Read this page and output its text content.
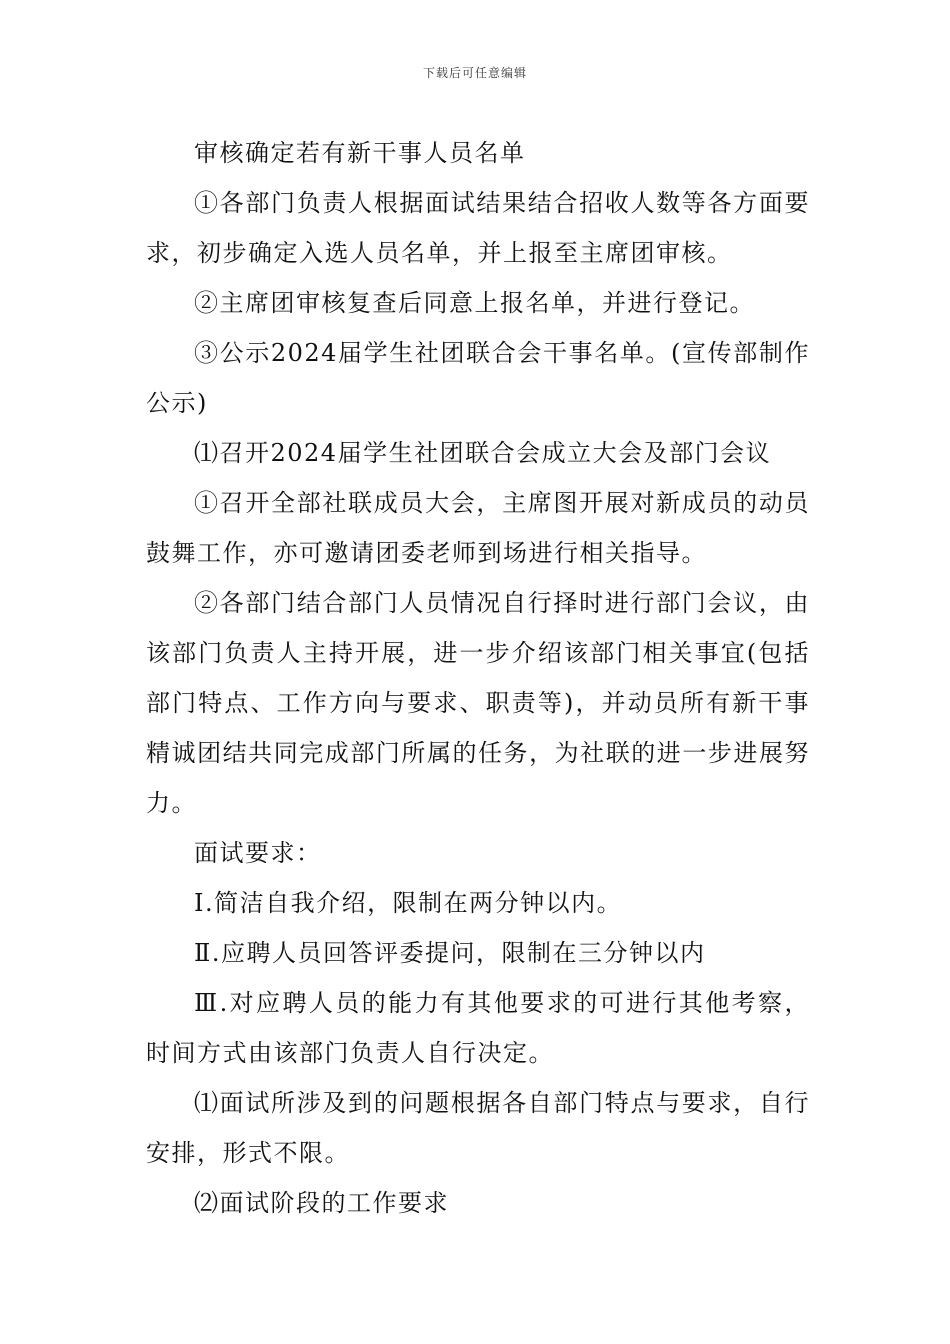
下载后可任意编辑

审核确定若有新干事人员名单

①各部门负责人根据面试结果结合招收人数等各方面要求，初步确定入选人员名单，并上报至主席团审核。

②主席团审核复查后同意上报名单，并进行登记。

③公示2024届学生社团联合会干事名单。(宣传部制作公示)

⑴召开2024届学生社团联合会成立大会及部门会议

①召开全部社联成员大会，主席图开展对新成员的动员鼓舞工作，亦可邀请团委老师到场进行相关指导。

②各部门结合部门人员情况自行择时进行部门会议，由该部门负责人主持开展，进一步介绍该部门相关事宜(包括部门特点、工作方向与要求、职责等)，并动员所有新干事精诚团结共同完成部门所属的任务，为社联的进一步进展努力。

面试要求：

Ⅰ.简洁自我介绍，限制在两分钟以内。

Ⅱ.应聘人员回答评委提问，限制在三分钟以内

Ⅲ.对应聘人员的能力有其他要求的可进行其他考察，时间方式由该部门负责人自行决定。

⑴面试所涉及到的问题根据各自部门特点与要求，自行安排，形式不限。

⑵面试阶段的工作要求
